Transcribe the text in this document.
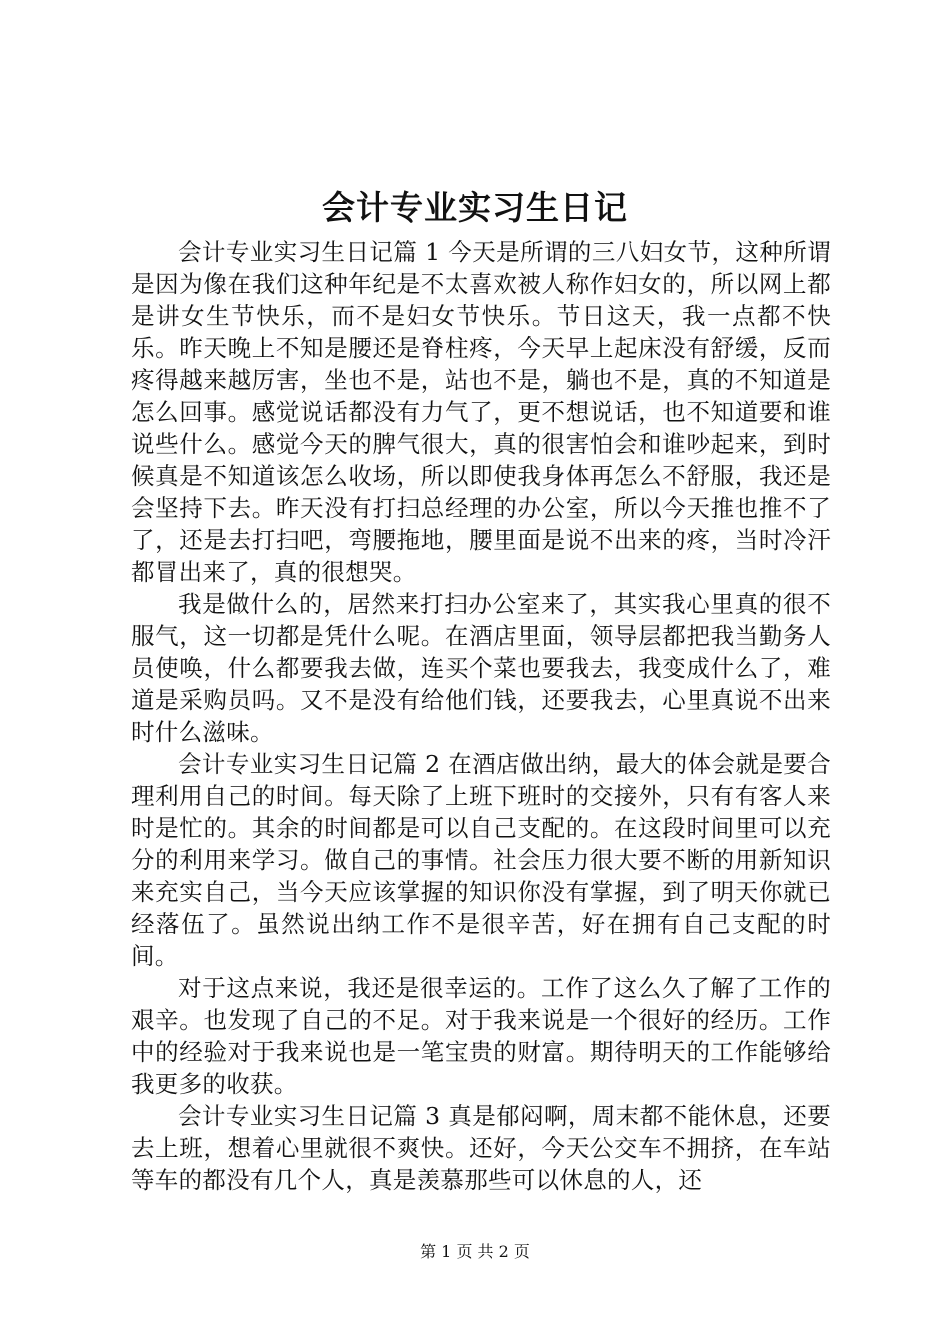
会计专业实习生日记

会计专业实习生日记篇 1 今天是所谓的三八妇女节，这种所谓是因为像在我们这种年纪是不太喜欢被人称作妇女的，所以网上都是讲女生节快乐，而不是妇女节快乐。节日这天，我一点都不快乐。昨天晚上不知是腰还是脊柱疼，今天早上起床没有舒缓，反而疼得越来越厉害，坐也不是，站也不是，躺也不是，真的不知道是怎么回事。感觉说话都没有力气了，更不想说话，也不知道要和谁说些什么。感觉今天的脾气很大，真的很害怕会和谁吵起来，到时候真是不知道该怎么收场，所以即使我身体再怎么不舒服，我还是会坚持下去。昨天没有打扫总经理的办公室，所以今天推也推不了了，还是去打扫吧，弯腰拖地，腰里面是说不出来的疼，当时冷汗都冒出来了，真的很想哭。

我是做什么的，居然来打扫办公室来了，其实我心里真的很不服气，这一切都是凭什么呢。在酒店里面，领导层都把我当勤务人员使唤，什么都要我去做，连买个菜也要我去，我变成什么了，难道是采购员吗。又不是没有给他们钱，还要我去，心里真说不出来时什么滋味。

会计专业实习生日记篇 2 在酒店做出纳，最大的体会就是要合理利用自己的时间。每天除了上班下班时的交接外，只有有客人来时是忙的。其余的时间都是可以自己支配的。在这段时间里可以充分的利用来学习。做自己的事情。社会压力很大要不断的用新知识来充实自己，当今天应该掌握的知识你没有掌握，到了明天你就已经落伍了。虽然说出纳工作不是很辛苦，好在拥有自己支配的时间。

对于这点来说，我还是很幸运的。工作了这么久了解了工作的艰辛。也发现了自己的不足。对于我来说是一个很好的经历。工作中的经验对于我来说也是一笔宝贵的财富。期待明天的工作能够给我更多的收获。

会计专业实习生日记篇 3 真是郁闷啊，周末都不能休息，还要去上班，想着心里就很不爽快。还好，今天公交车不拥挤，在车站等车的都没有几个人，真是羡慕那些可以休息的人，还

第 1 页 共 2 页
